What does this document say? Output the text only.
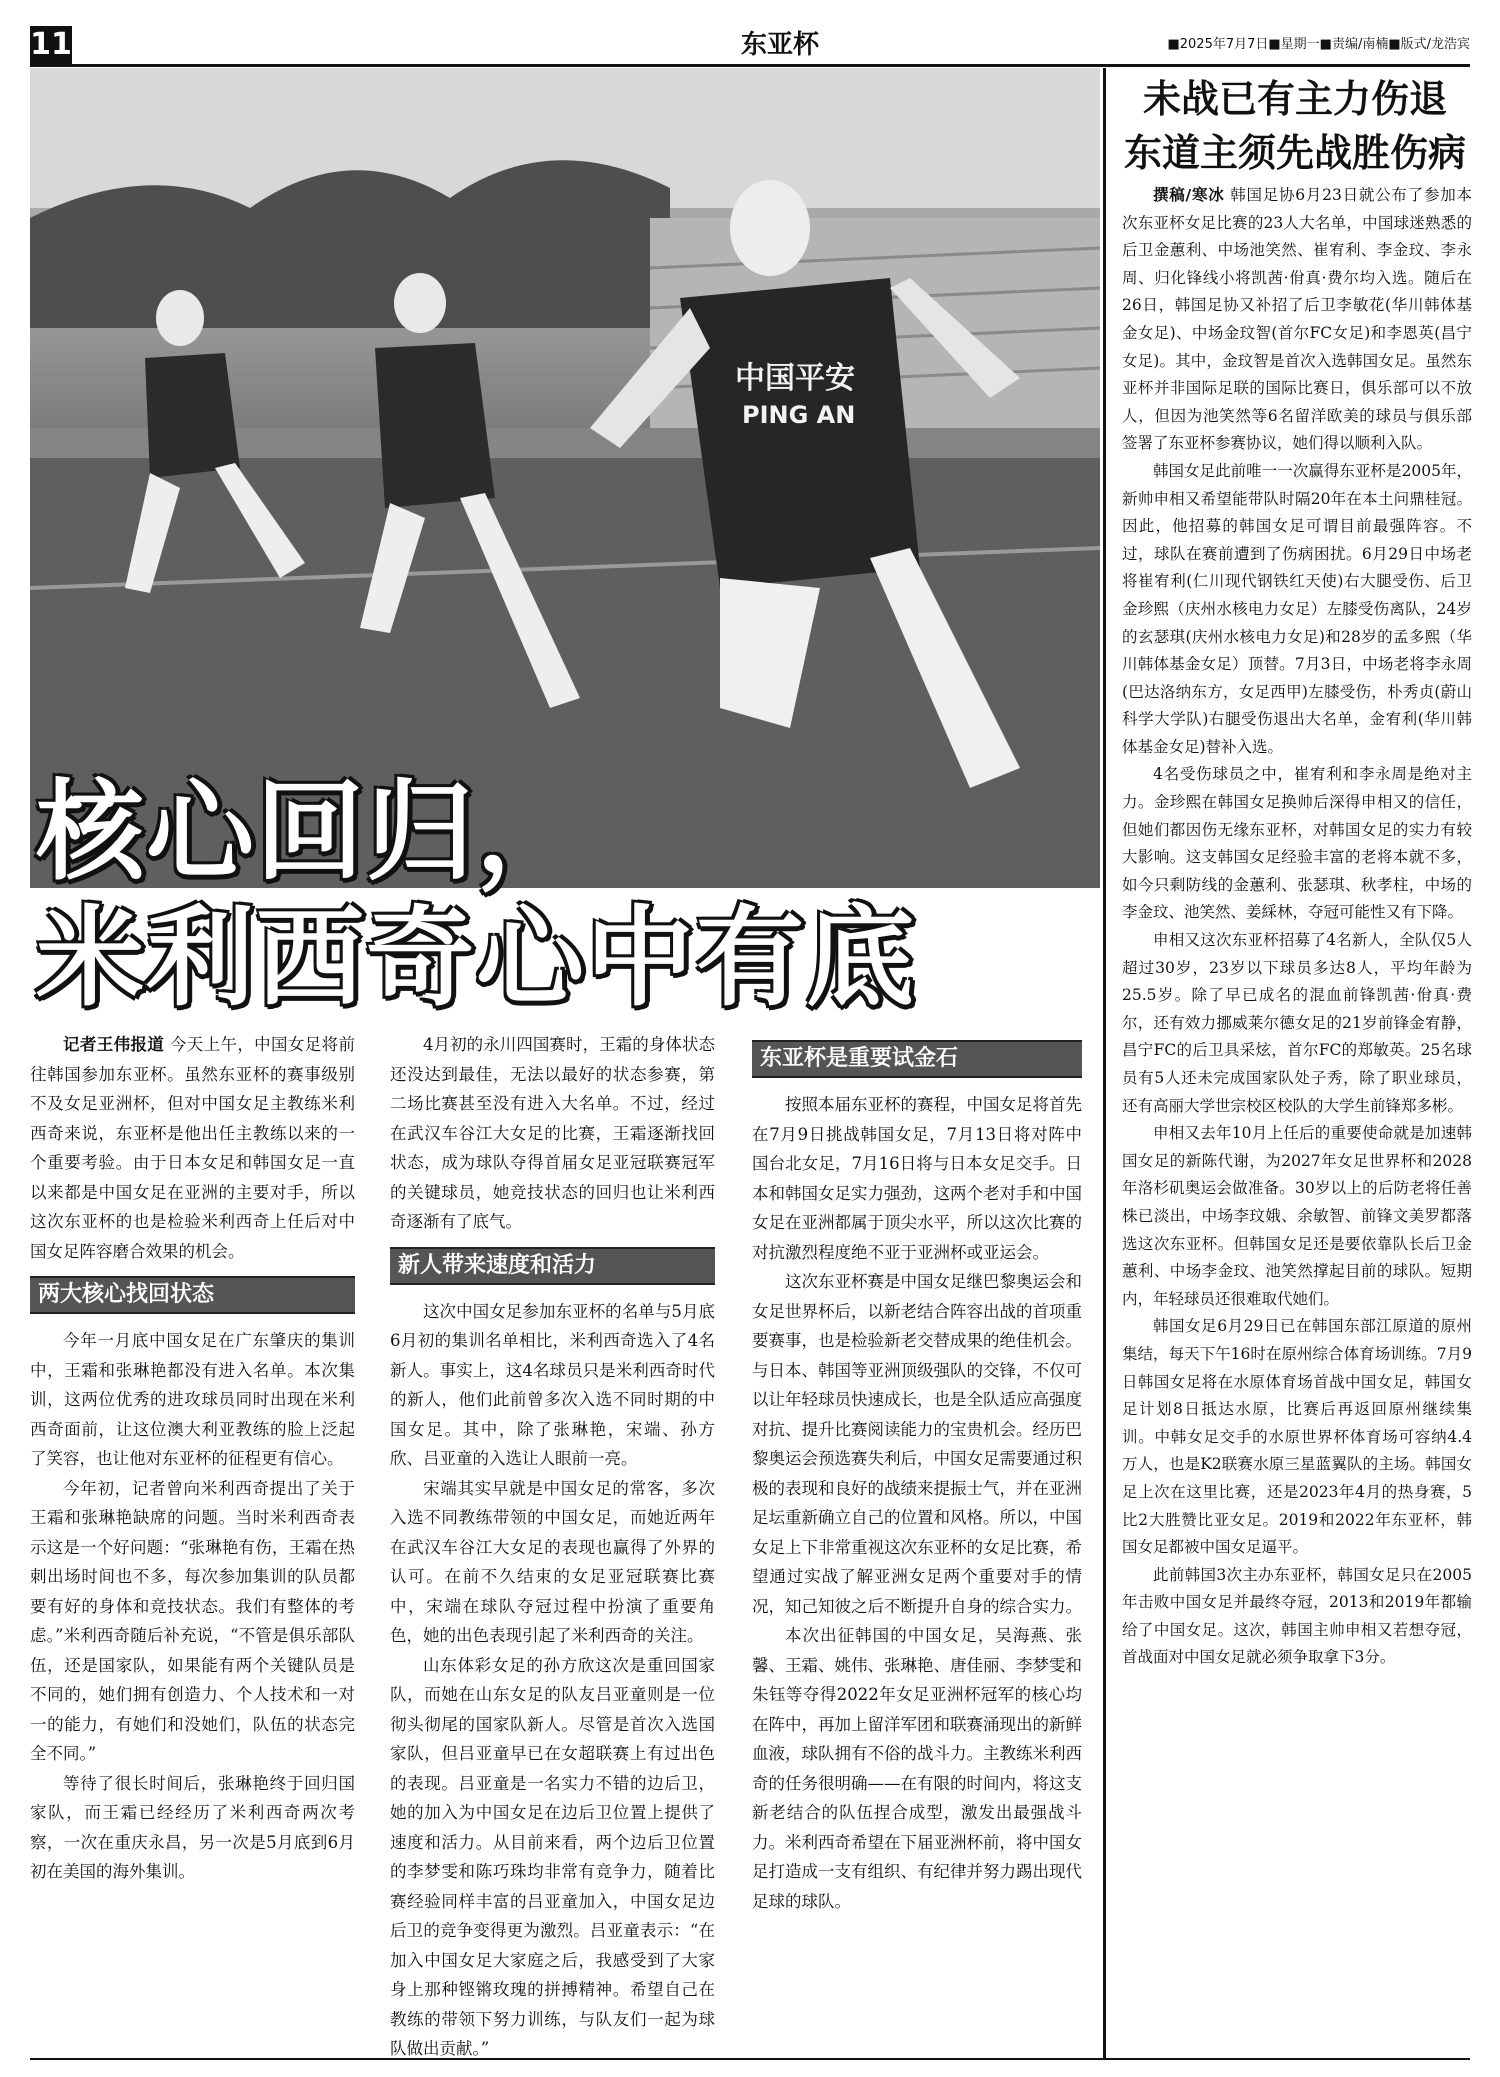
11	东亚杯	■2025年7月7日■星期一■责编/南楠■版式/龙浩宾
中国平安
PING AN
核心回归，
米利西奇心中有底

记者王伟报道 今天上午，中国女足将前往韩国参加东亚杯。虽然东亚杯的赛事级别不及女足亚洲杯，但对中国女足主教练米利西奇来说，东亚杯是他出任主教练以来的一个重要考验。由于日本女足和韩国女足一直以来都是中国女足在亚洲的主要对手，所以这次东亚杯的也是检验米利西奇上任后对中国女足阵容磨合效果的机会。

两大核心找回状态

今年一月底中国女足在广东肇庆的集训中，王霜和张琳艳都没有进入名单。本次集训，这两位优秀的进攻球员同时出现在米利西奇面前，让这位澳大利亚教练的脸上泛起了笑容，也让他对东亚杯的征程更有信心。

今年初，记者曾向米利西奇提出了关于王霜和张琳艳缺席的问题。当时米利西奇表示这是一个好问题：“张琳艳有伤，王霜在热刺出场时间也不多，每次参加集训的队员都要有好的身体和竞技状态。我们有整体的考虑。”米利西奇随后补充说，“不管是俱乐部队伍，还是国家队，如果能有两个关键队员是不同的，她们拥有创造力、个人技术和一对一的能力，有她们和没她们，队伍的状态完全不同。”

等待了很长时间后，张琳艳终于回归国家队，而王霜已经经历了米利西奇两次考察，一次在重庆永昌，另一次是5月底到6月初在美国的海外集训。

4月初的永川四国赛时，王霜的身体状态还没达到最佳，无法以最好的状态参赛，第二场比赛甚至没有进入大名单。不过，经过在武汉车谷江大女足的比赛，王霜逐渐找回状态，成为球队夺得首届女足亚冠联赛冠军的关键球员，她竞技状态的回归也让米利西奇逐渐有了底气。

新人带来速度和活力

这次中国女足参加东亚杯的名单与5月底6月初的集训名单相比，米利西奇选入了4名新人。事实上，这4名球员只是米利西奇时代的新人，他们此前曾多次入选不同时期的中国女足。其中，除了张琳艳，宋端、孙方欣、吕亚童的入选让人眼前一亮。

宋端其实早就是中国女足的常客，多次入选不同教练带领的中国女足，而她近两年在武汉车谷江大女足的表现也赢得了外界的认可。在前不久结束的女足亚冠联赛比赛中，宋端在球队夺冠过程中扮演了重要角色，她的出色表现引起了米利西奇的关注。

山东体彩女足的孙方欣这次是重回国家队，而她在山东女足的队友吕亚童则是一位彻头彻尾的国家队新人。尽管是首次入选国家队，但吕亚童早已在女超联赛上有过出色的表现。吕亚童是一名实力不错的边后卫，她的加入为中国女足在边后卫位置上提供了速度和活力。从目前来看，两个边后卫位置的李梦雯和陈巧珠均非常有竞争力，随着比赛经验同样丰富的吕亚童加入，中国女足边后卫的竞争变得更为激烈。吕亚童表示：“在加入中国女足大家庭之后，我感受到了大家身上那种铿锵玫瑰的拼搏精神。希望自己在教练的带领下努力训练，与队友们一起为球队做出贡献。”

东亚杯是重要试金石

按照本届东亚杯的赛程，中国女足将首先在7月9日挑战韩国女足，7月13日将对阵中国台北女足，7月16日将与日本女足交手。日本和韩国女足实力强劲，这两个老对手和中国女足在亚洲都属于顶尖水平，所以这次比赛的对抗激烈程度绝不亚于亚洲杯或亚运会。

这次东亚杯赛是中国女足继巴黎奥运会和女足世界杯后，以新老结合阵容出战的首项重要赛事，也是检验新老交替成果的绝佳机会。与日本、韩国等亚洲顶级强队的交锋，不仅可以让年轻球员快速成长，也是全队适应高强度对抗、提升比赛阅读能力的宝贵机会。经历巴黎奥运会预选赛失利后，中国女足需要通过积极的表现和良好的战绩来提振士气，并在亚洲足坛重新确立自己的位置和风格。所以，中国女足上下非常重视这次东亚杯的女足比赛，希望通过实战了解亚洲女足两个重要对手的情况，知己知彼之后不断提升自身的综合实力。

本次出征韩国的中国女足，吴海燕、张馨、王霜、姚伟、张琳艳、唐佳丽、李梦雯和朱钰等夺得2022年女足亚洲杯冠军的核心均在阵中，再加上留洋军团和联赛涌现出的新鲜血液，球队拥有不俗的战斗力。主教练米利西奇的任务很明确——在有限的时间内，将这支新老结合的队伍捏合成型，激发出最强战斗力。米利西奇希望在下届亚洲杯前，将中国女足打造成一支有组织、有纪律并努力踢出现代足球的球队。

未战已有主力伤退
东道主须先战胜伤病

撰稿/寒冰 韩国足协6月23日就公布了参加本次东亚杯女足比赛的23人大名单，中国球迷熟悉的后卫金蕙利、中场池笑然、崔宥利、李金玟、李永周、归化锋线小将凯茜·佾真·费尔均入选。随后在26日，韩国足协又补招了后卫李敏花(华川韩体基金女足)、中场金玟智(首尔FC女足)和李恩英(昌宁女足)。其中，金玟智是首次入选韩国女足。虽然东亚杯并非国际足联的国际比赛日，俱乐部可以不放人，但因为池笑然等6名留洋欧美的球员与俱乐部签署了东亚杯参赛协议，她们得以顺利入队。

韩国女足此前唯一一次赢得东亚杯是2005年，新帅申相又希望能带队时隔20年在本土问鼎桂冠。因此，他招募的韩国女足可谓目前最强阵容。不过，球队在赛前遭到了伤病困扰。6月29日中场老将崔宥利(仁川现代钢铁红天使)右大腿受伤、后卫金珍熙（庆州水核电力女足）左膝受伤离队，24岁的玄瑟琪(庆州水核电力女足)和28岁的孟多熙（华川韩体基金女足）顶替。7月3日，中场老将李永周(巴达洛纳东方，女足西甲)左膝受伤，朴秀贞(蔚山科学大学队)右腿受伤退出大名单，金宥利(华川韩体基金女足)替补入选。

4名受伤球员之中，崔宥利和李永周是绝对主力。金珍熙在韩国女足换帅后深得申相又的信任，但她们都因伤无缘东亚杯，对韩国女足的实力有较大影响。这支韩国女足经验丰富的老将本就不多，如今只剩防线的金蕙利、张瑟琪、秋孝柱，中场的李金玟、池笑然、姜綵林，夺冠可能性又有下降。

申相又这次东亚杯招募了4名新人，全队仅5人超过30岁，23岁以下球员多达8人，平均年龄为25.5岁。除了早已成名的混血前锋凯茜·佾真·费尔，还有效力挪威莱尔德女足的21岁前锋金宥静，昌宁FC的后卫具采炫，首尔FC的郑敏英。25名球员有5人还未完成国家队处子秀，除了职业球员，还有高丽大学世宗校区校队的大学生前锋郑多彬。

申相又去年10月上任后的重要使命就是加速韩国女足的新陈代谢，为2027年女足世界杯和2028年洛杉矶奥运会做准备。30岁以上的后防老将任善株已淡出，中场李玟娥、余敏智、前锋文美罗都落选这次东亚杯。但韩国女足还是要依靠队长后卫金蕙利、中场李金玟、池笑然撑起目前的球队。短期内，年轻球员还很难取代她们。

韩国女足6月29日已在韩国东部江原道的原州集结，每天下午16时在原州综合体育场训练。7月9日韩国女足将在水原体育场首战中国女足，韩国女足计划8日抵达水原，比赛后再返回原州继续集训。中韩女足交手的水原世界杯体育场可容纳4.4万人，也是K2联赛水原三星蓝翼队的主场。韩国女足上次在这里比赛，还是2023年4月的热身赛，5比2大胜赞比亚女足。2019和2022年东亚杯，韩国女足都被中国女足逼平。

此前韩国3次主办东亚杯，韩国女足只在2005年击败中国女足并最终夺冠，2013和2019年都输给了中国女足。这次，韩国主帅申相又若想夺冠，首战面对中国女足就必须争取拿下3分。
